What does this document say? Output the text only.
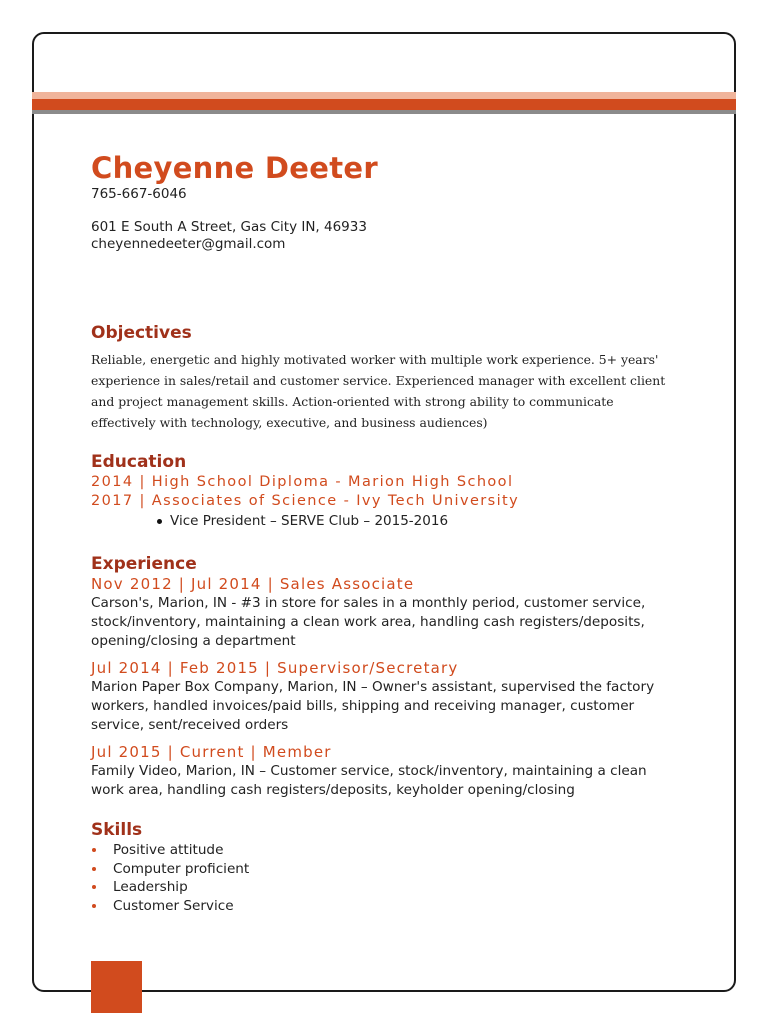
Cheyenne Deeter
765-667-6046
601 E South A Street, Gas City IN, 46933
cheyennedeeter@gmail.com
Objectives

Reliable, energetic and highly motivated worker with multiple work experience. 5+ years' experience in sales/retail and customer service. Experienced manager with excellent client and project management skills. Action-oriented with strong ability to communicate effectively with technology, executive, and business audiences)

Education
2014 | High School Diploma - Marion High School
2017 | Associates of Science - Ivy Tech University
Vice President – SERVE Club – 2015-2016
Experience
Nov 2012 | Jul 2014 | Sales Associate
Carson's, Marion, IN - #3 in store for sales in a monthly period, customer service, stock/inventory, maintaining a clean work area, handling cash registers/deposits, opening/closing a department
Jul 2014 | Feb 2015 | Supervisor/Secretary
Marion Paper Box Company, Marion, IN – Owner's assistant, supervised the factory workers, handled invoices/paid bills, shipping and receiving manager, customer service, sent/received orders
Jul 2015 | Current | Member
Family Video, Marion, IN – Customer service, stock/inventory, maintaining a clean work area, handling cash registers/deposits, keyholder opening/closing
Skills
Positive attitude
Computer proficient
Leadership
Customer Service
